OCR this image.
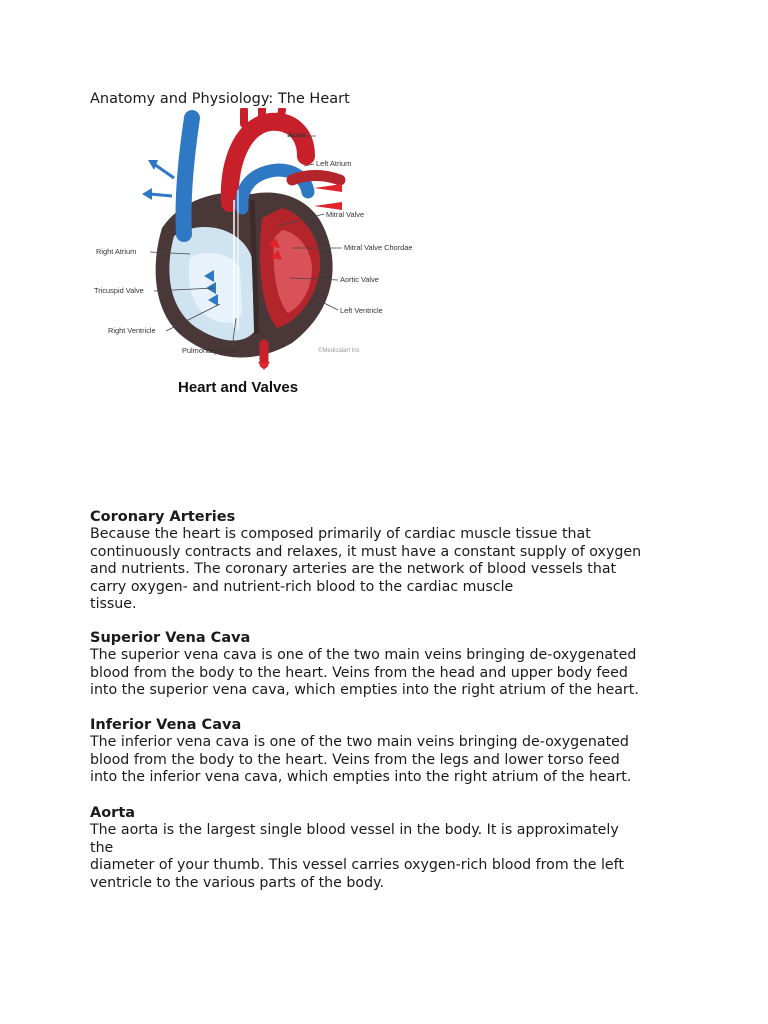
Anatomy and Physiology: The Heart
Aorta
Left Atrium
Mitral Valve
Mitral Valve Chordae
Aortic Valve
Left Ventricle
Right Atrium
Tricuspid Valve
Right Ventricle
Pulmonary valve	©Medicalart Inc
Heart and Valves
Coronary Arteries

Because the heart is composed primarily of cardiac muscle tissue that
continuously contracts and relaxes, it must have a constant supply of oxygen
and nutrients. The coronary arteries are the network of blood vessels that
carry oxygen- and nutrient-rich blood to the cardiac muscle
tissue.

Superior Vena Cava

The superior vena cava is one of the two main veins bringing de-oxygenated
blood from the body to the heart. Veins from the head and upper body feed
into the superior vena cava, which empties into the right atrium of the heart.

Inferior Vena Cava

The inferior vena cava is one of the two main veins bringing de-oxygenated
blood from the body to the heart. Veins from the legs and lower torso feed
into the inferior vena cava, which empties into the right atrium of the heart.

Aorta

The aorta is the largest single blood vessel in the body. It is approximately
the
diameter of your thumb. This vessel carries oxygen-rich blood from the left
ventricle to the various parts of the body.
